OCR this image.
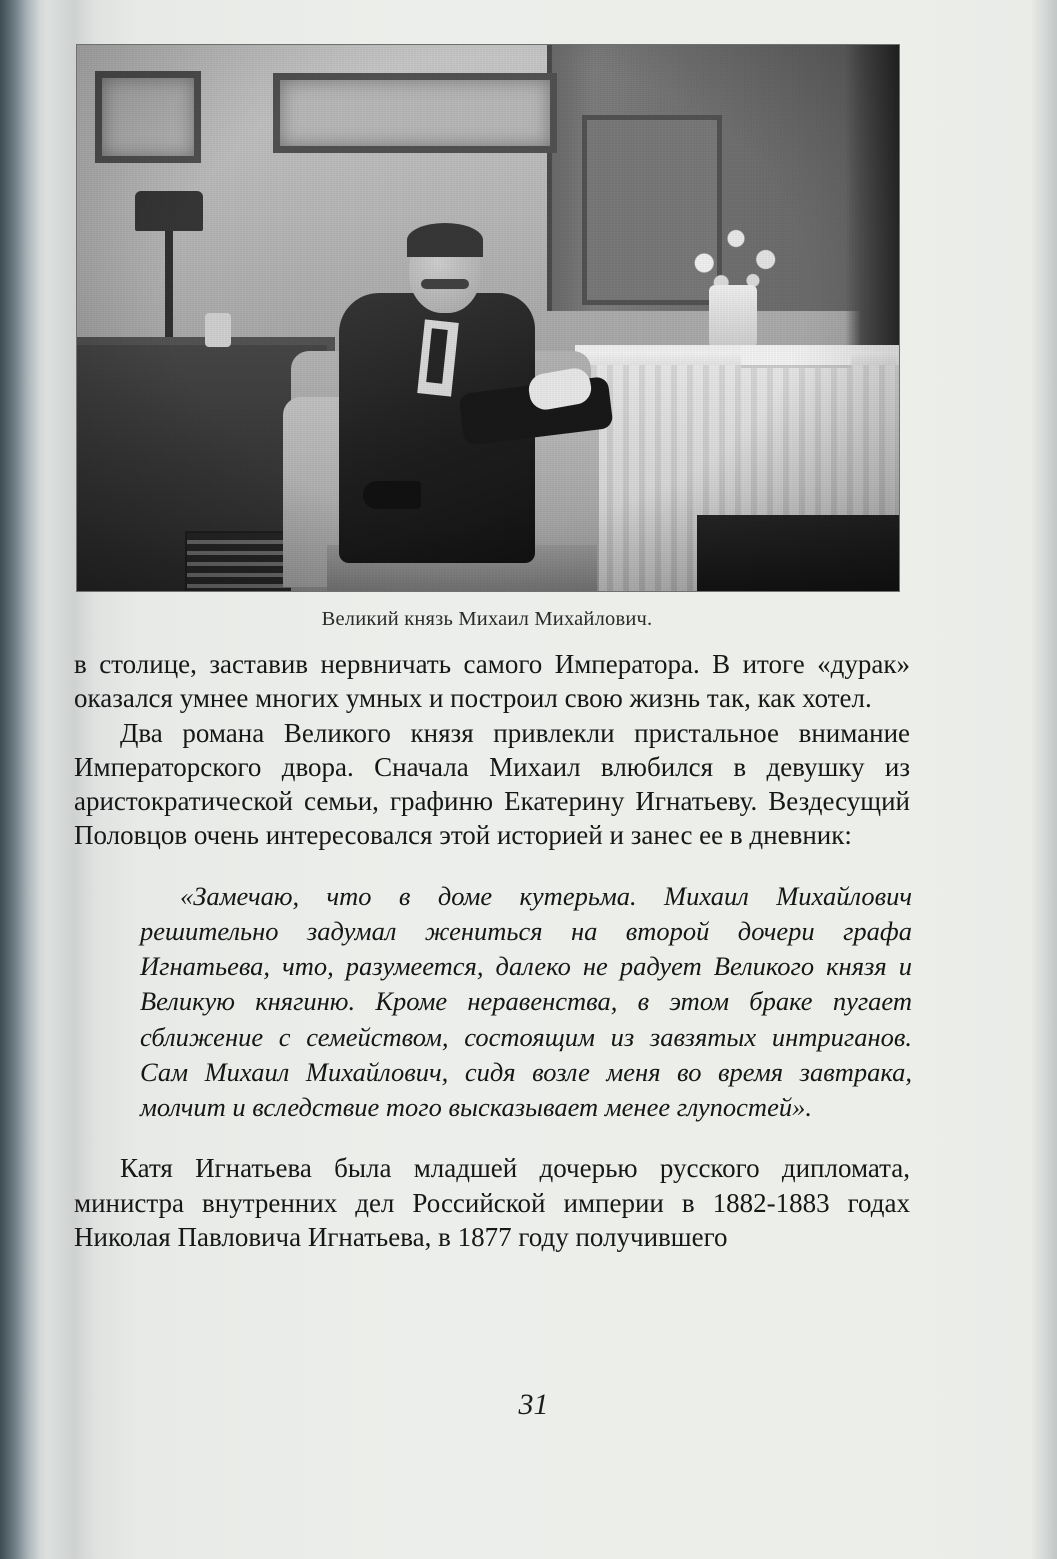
Великий князь Михаил Михайлович.

в столице, заставив нервничать самого Императора. В итоге «дурак» оказался умнее многих умных и построил свою жизнь так, как хотел.

Два романа Великого князя привлекли пристальное внимание Императорского двора. Сначала Михаил влюбился в девушку из аристократической семьи, графиню Екатерину Игнатьеву. Вездесущий Половцов очень интересовался этой историей и занес ее в дневник:

«Замечаю, что в доме кутерьма. Михаил Михайлович решительно задумал жениться на второй дочери графа Игнатьева, что, разумеется, далеко не радует Великого князя и Великую княгиню. Кроме неравенства, в этом браке пугает сближение с семейством, состоящим из завзятых интриганов. Сам Михаил Михайлович, сидя возле меня во время завтрака, молчит и вследствие того высказывает менее глупостей».

Катя Игнатьева была младшей дочерью русского дипломата, министра внутренних дел Российской империи в 1882-1883 годах Николая Павловича Игнатьева, в 1877 году получившего

31
